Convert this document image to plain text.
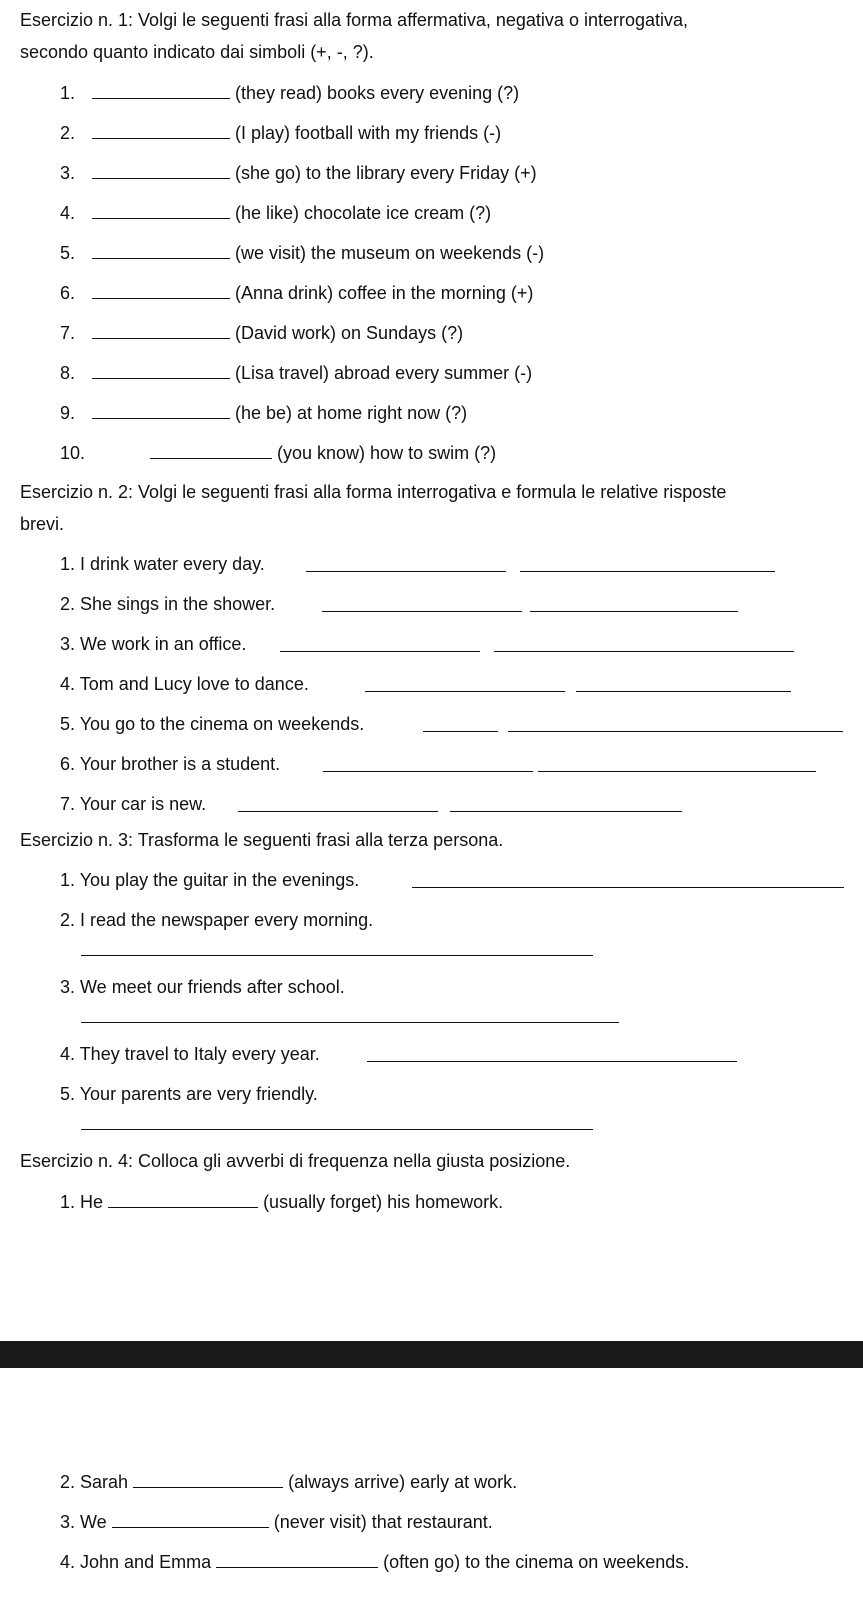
Esercizio n. 1: Volgi le seguenti frasi alla forma affermativa, negativa o interrogativa,
secondo quanto indicato dai simboli (+, -, ?).
1.	(they read) books every evening (?)
2.	(I play) football with my friends (-)
3.	(she go) to the library every Friday (+)
4.	(he like) chocolate ice cream (?)
5.	(we visit) the museum on weekends (-)
6.	(Anna drink) coffee in the morning (+)
7.	(David work) on Sundays (?)
8.	(Lisa travel) abroad every summer (-)
9.	(he be) at home right now (?)
10.	(you know) how to swim (?)
Esercizio n. 2: Volgi le seguenti frasi alla forma interrogativa e formula le relative risposte
brevi.
1. I drink water every day.
2. She sings in the shower.
3. We work in an office.
4. Tom and Lucy love to dance.
5. You go to the cinema on weekends.
6. Your brother is a student.
7. Your car is new.
Esercizio n. 3: Trasforma le seguenti frasi alla terza persona.
1. You play the guitar in the evenings.
2. I read the newspaper every morning.
3. We meet our friends after school.
4. They travel to Italy every year.
5. Your parents are very friendly.
Esercizio n. 4: Colloca gli avverbi di frequenza nella giusta posizione.
1. He	(usually forget) his homework.
2. Sarah	(always arrive) early at work.
3. We	(never visit) that restaurant.
4. John and Emma	(often go) to the cinema on weekends.
